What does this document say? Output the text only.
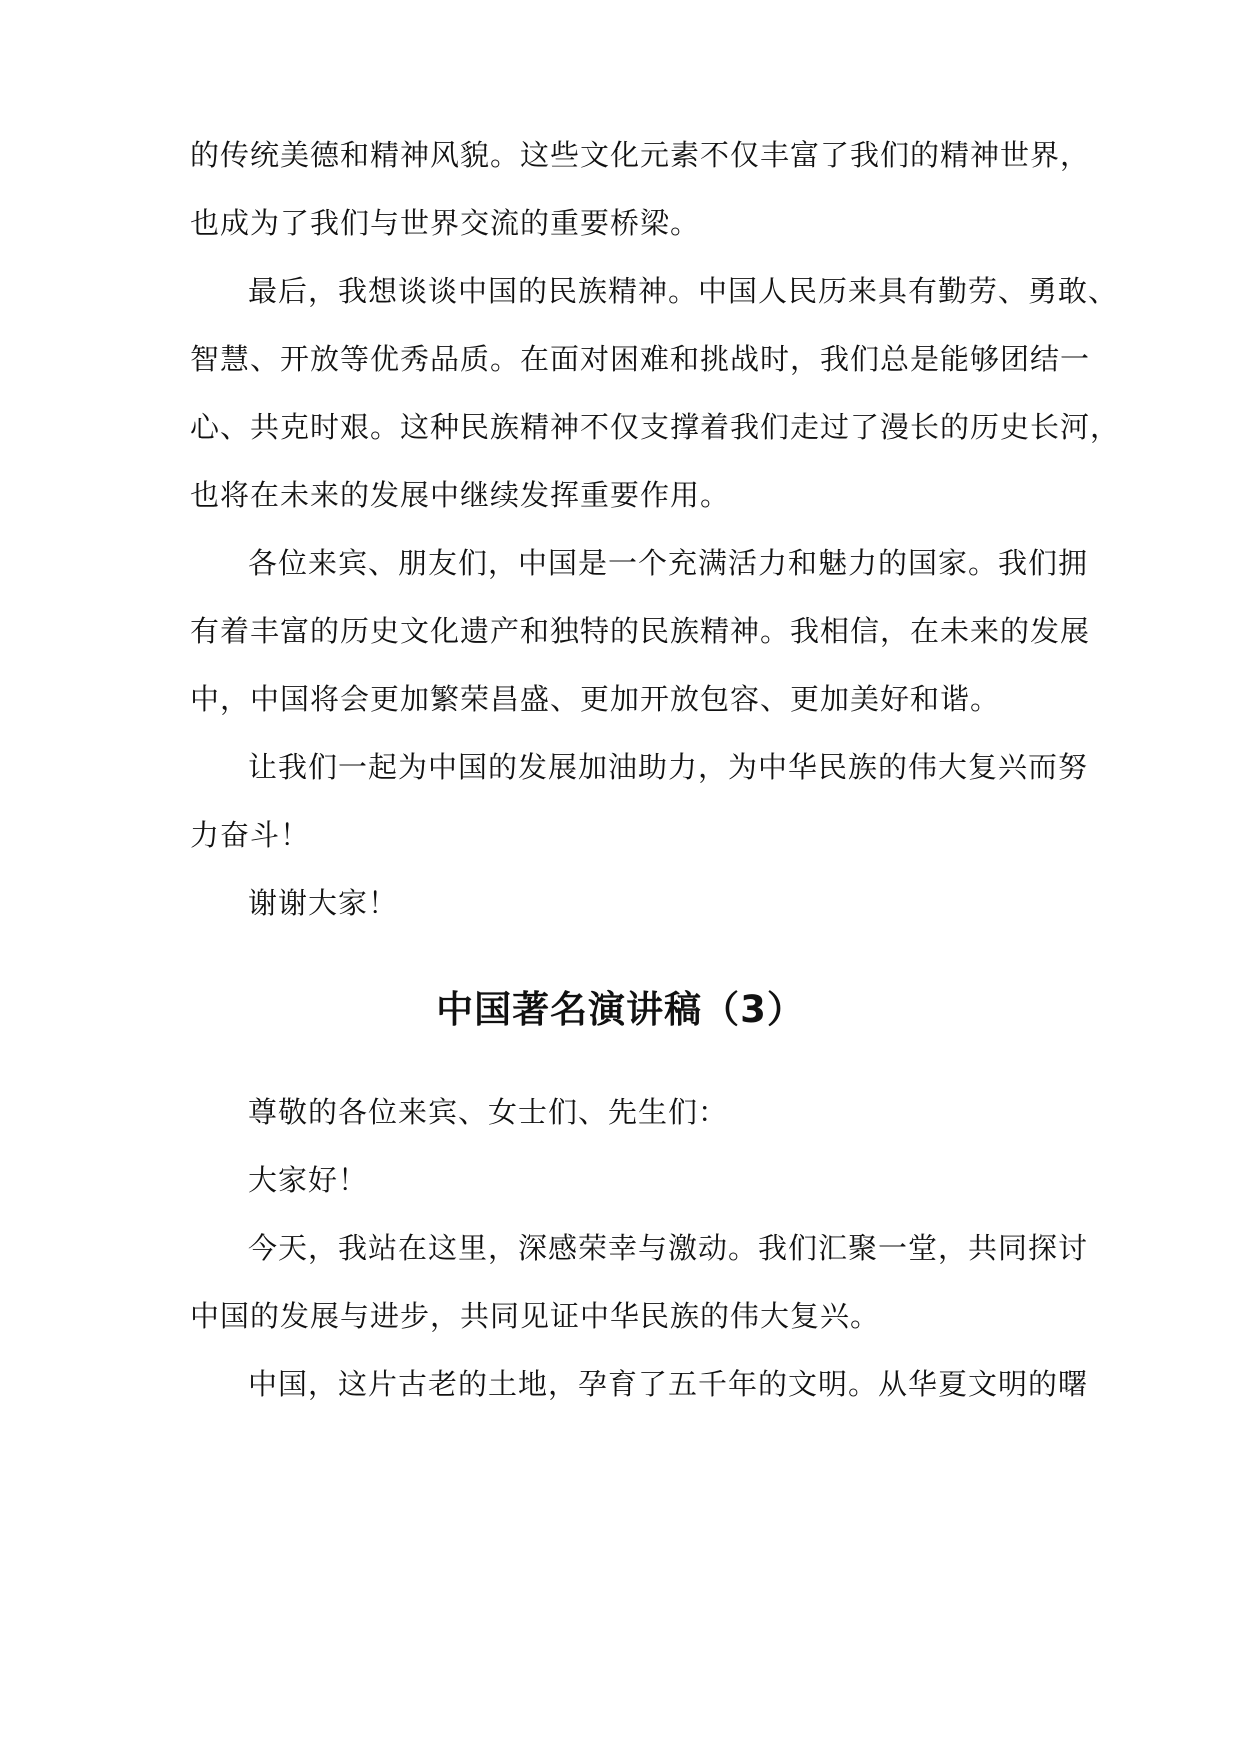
的传统美德和精神风貌。这些文化元素不仅丰富了我们的精神世界，
也成为了我们与世界交流的重要桥梁。
最后，我想谈谈中国的民族精神。中国人民历来具有勤劳、勇敢、
智慧、开放等优秀品质。在面对困难和挑战时，我们总是能够团结一
心、共克时艰。这种民族精神不仅支撑着我们走过了漫长的历史长河，
也将在未来的发展中继续发挥重要作用。
各位来宾、朋友们，中国是一个充满活力和魅力的国家。我们拥
有着丰富的历史文化遗产和独特的民族精神。我相信，在未来的发展
中，中国将会更加繁荣昌盛、更加开放包容、更加美好和谐。
让我们一起为中国的发展加油助力，为中华民族的伟大复兴而努
力奋斗！
谢谢大家！
中国著名演讲稿（3）
尊敬的各位来宾、女士们、先生们：
大家好！
今天，我站在这里，深感荣幸与激动。我们汇聚一堂，共同探讨
中国的发展与进步，共同见证中华民族的伟大复兴。
中国，这片古老的土地，孕育了五千年的文明。从华夏文明的曙
